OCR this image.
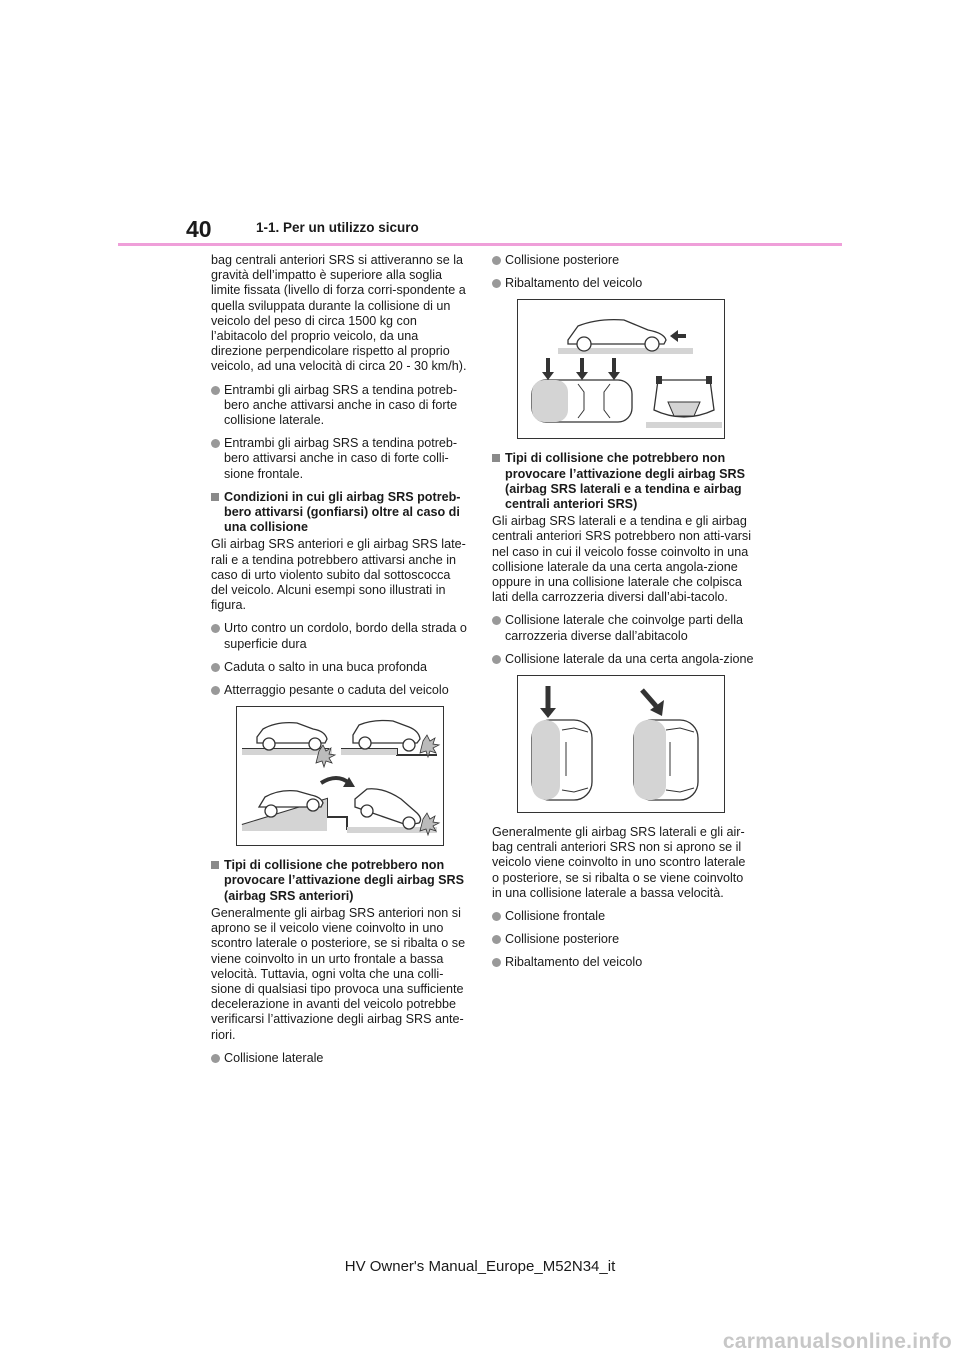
40	1-1. Per un utilizzo sicuro

bag centrali anteriori SRS si attiveranno se la gravità dell’impatto è superiore alla soglia limite fissata (livello di forza corri-spondente a quella sviluppata durante la collisione di un veicolo del peso di circa 1500 kg con l’abitacolo del proprio veicolo, da una direzione perpendicolare rispetto al proprio veicolo, ad una velocità di circa 20 - 30 km/h).

Entrambi gli airbag SRS a tendina potreb-bero anche attivarsi anche in caso di forte collisione laterale.
Entrambi gli airbag SRS a tendina potreb-bero attivarsi anche in caso di forte colli-sione frontale.
Condizioni in cui gli airbag SRS potreb-bero attivarsi (gonfiarsi) oltre al caso di una collisione

Gli airbag SRS anteriori e gli airbag SRS late-rali e a tendina potrebbero attivarsi anche in caso di urto violento subito dal sottoscocca del veicolo. Alcuni esempi sono illustrati in figura.

Urto contro un cordolo, bordo della strada o superficie dura
Caduta o salto in una buca profonda
Atterraggio pesante o caduta del veicolo
Tipi di collisione che potrebbero non provocare l’attivazione degli airbag SRS (airbag SRS anteriori)

Generalmente gli airbag SRS anteriori non si aprono se il veicolo viene coinvolto in uno scontro laterale o posteriore, se si ribalta o se viene coinvolto in un urto frontale a bassa velocità. Tuttavia, ogni volta che una colli-sione di qualsiasi tipo provoca una sufficiente decelerazione in avanti del veicolo potrebbe verificarsi l’attivazione degli airbag SRS ante-riori.

Collisione laterale
Collisione posteriore
Ribaltamento del veicolo
Tipi di collisione che potrebbero non provocare l’attivazione degli airbag SRS (airbag SRS laterali e a tendina e airbag centrali anteriori SRS)

Gli airbag SRS laterali e a tendina e gli airbag centrali anteriori SRS potrebbero non atti-varsi nel caso in cui il veicolo fosse coinvolto in una collisione laterale da una certa angola-zione oppure in una collisione laterale che colpisca lati della carrozzeria diversi dall’abi-tacolo.

Collisione laterale che coinvolge parti della carrozzeria diverse dall’abitacolo
Collisione laterale da una certa angola-zione

Generalmente gli airbag SRS laterali e gli air-bag centrali anteriori SRS non si aprono se il veicolo viene coinvolto in uno scontro laterale o posteriore, se si ribalta o se viene coinvolto in una collisione laterale a bassa velocità.

Collisione frontale
Collisione posteriore
Ribaltamento del veicolo
HV Owner's Manual_Europe_M52N34_it
carmanualsonline.info
